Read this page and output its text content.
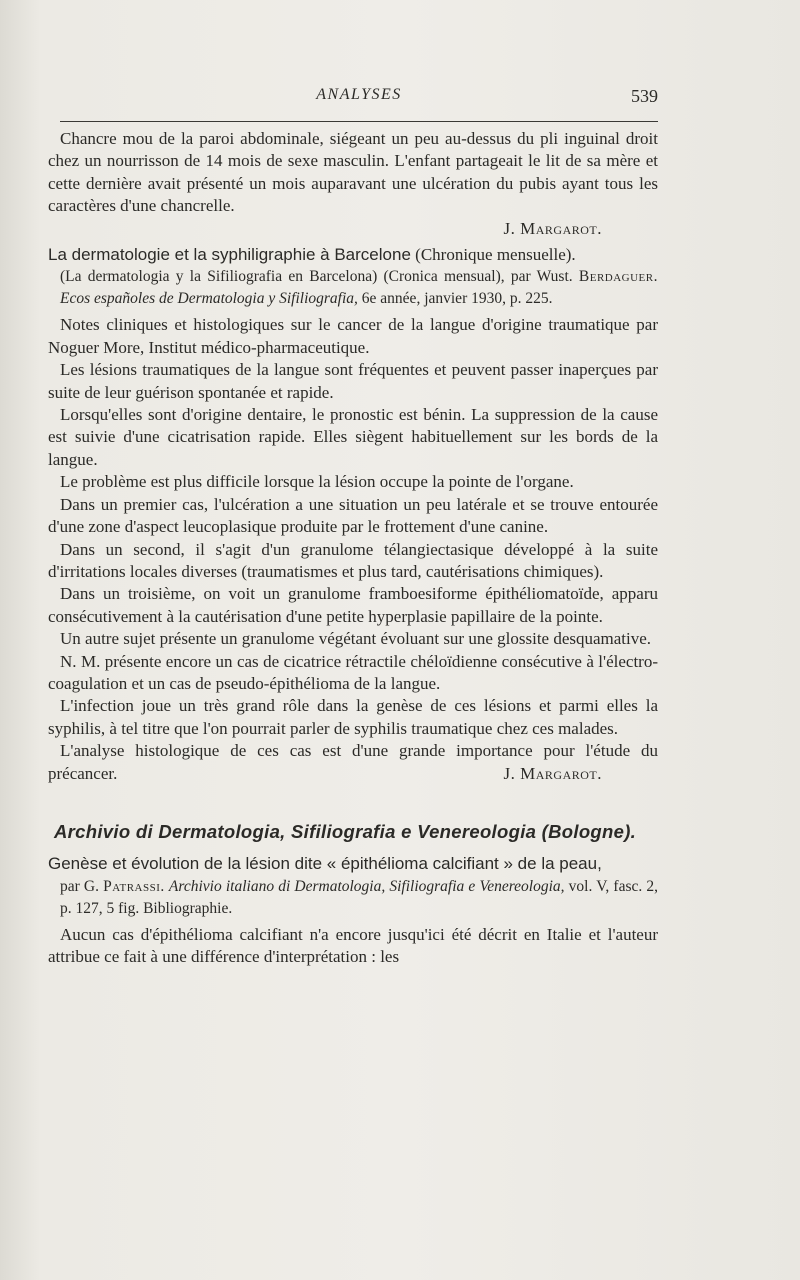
ANALYSES	539

Chancre mou de la paroi abdominale, siégeant un peu au-dessus du pli inguinal droit chez un nourrisson de 14 mois de sexe masculin. L'enfant partageait le lit de sa mère et cette dernière avait présenté un mois auparavant une ulcération du pubis ayant tous les caractères d'une chancrelle.

J. Margarot.

La dermatologie et la syphiligraphie à Barcelone (Chronique mensuelle).

(La dermatologia y la Sifiliografia en Barcelona) (Cronica mensual), par Wust. Berdaguer. Ecos españoles de Dermatologia y Sifiliografia, 6e année, janvier 1930, p. 225.

Notes cliniques et histologiques sur le cancer de la langue d'origine traumatique par Noguer More, Institut médico-pharmaceutique.

Les lésions traumatiques de la langue sont fréquentes et peuvent passer inaperçues par suite de leur guérison spontanée et rapide.

Lorsqu'elles sont d'origine dentaire, le pronostic est bénin. La suppression de la cause est suivie d'une cicatrisation rapide. Elles siègent habituellement sur les bords de la langue.

Le problème est plus difficile lorsque la lésion occupe la pointe de l'organe.

Dans un premier cas, l'ulcération a une situation un peu latérale et se trouve entourée d'une zone d'aspect leucoplasique produite par le frottement d'une canine.

Dans un second, il s'agit d'un granulome télangiectasique développé à la suite d'irritations locales diverses (traumatismes et plus tard, cautérisations chimiques).

Dans un troisième, on voit un granulome framboesiforme épithéliomatoïde, apparu consécutivement à la cautérisation d'une petite hyperplasie papillaire de la pointe.

Un autre sujet présente un granulome végétant évoluant sur une glossite desquamative.

N. M. présente encore un cas de cicatrice rétractile chéloïdienne consécutive à l'électro-coagulation et un cas de pseudo-épithélioma de la langue.

L'infection joue un très grand rôle dans la genèse de ces lésions et parmi elles la syphilis, à tel titre que l'on pourrait parler de syphilis traumatique chez ces malades.

L'analyse histologique de ces cas est d'une grande importance pour l'étude du précancer.	J. Margarot.

Archivio di Dermatologia, Sifiliografia e Venereologia (Bologne).

Genèse et évolution de la lésion dite « épithélioma calcifiant » de la peau,

par G. Patrassi. Archivio italiano di Dermatologia, Sifiliografia e Venereologia, vol. V, fasc. 2, p. 127, 5 fig. Bibliographie.

Aucun cas d'épithélioma calcifiant n'a encore jusqu'ici été décrit en Italie et l'auteur attribue ce fait à une différence d'interprétation : les
